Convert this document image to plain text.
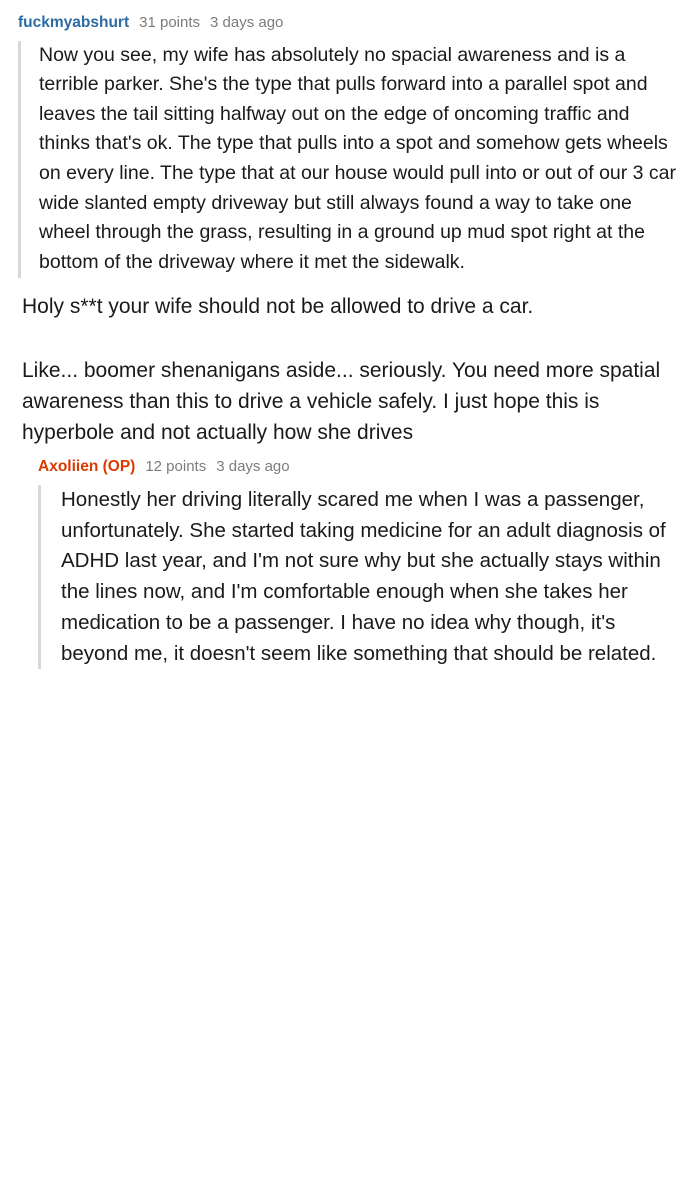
fuckmyabshurt 31 points 3 days ago

Now you see, my wife has absolutely no spacial awareness and is a terrible parker. She's the type that pulls forward into a parallel spot and leaves the tail sitting halfway out on the edge of oncoming traffic and thinks that's ok. The type that pulls into a spot and somehow gets wheels on every line. The type that at our house would pull into or out of our 3 car wide slanted empty driveway but still always found a way to take one wheel through the grass, resulting in a ground up mud spot right at the bottom of the driveway where it met the sidewalk.

Holy s**t your wife should not be allowed to drive a car.

Like... boomer shenanigans aside... seriously. You need more spatial awareness than this to drive a vehicle safely. I just hope this is hyperbole and not actually how she drives

Axoliien (OP) 12 points 3 days ago

Honestly her driving literally scared me when I was a passenger, unfortunately. She started taking medicine for an adult diagnosis of ADHD last year, and I'm not sure why but she actually stays within the lines now, and I'm comfortable enough when she takes her medication to be a passenger. I have no idea why though, it's beyond me, it doesn't seem like something that should be related.
